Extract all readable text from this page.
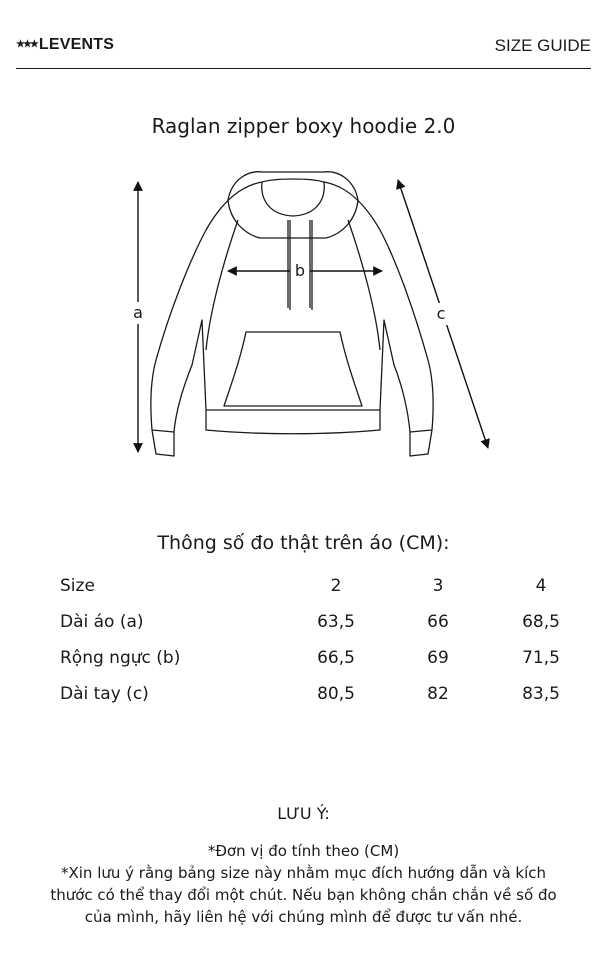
★★★ LEVENTS	SIZE GUIDE
Raglan zipper boxy hoodie 2.0
a
b
c
Thông số đo thật trên áo (CM):
Size	2	3	4
Dài áo (a)	63,5	66	68,5
Rộng ngực (b)	66,5	69	71,5
Dài tay (c)	80,5	82	83,5
LƯU Ý:
*Đơn vị đo tính theo (CM)
*Xin lưu ý rằng bảng size này nhằm mục đích hướng dẫn và kích
thước có thể thay đổi một chút. Nếu bạn không chắn chắn về số đo
của mình, hãy liên hệ với chúng mình để được tư vấn nhé.
